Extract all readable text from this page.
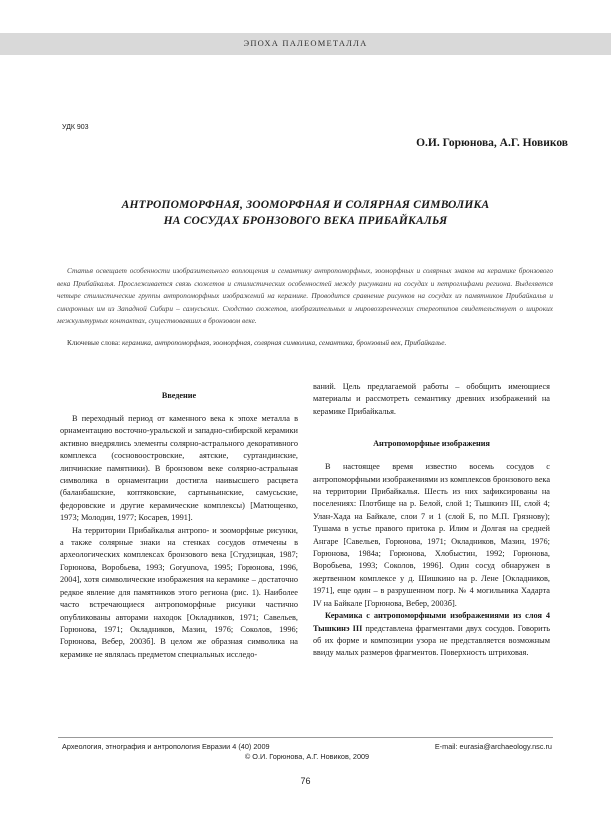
ЭПОХА ПАЛЕОМЕТАЛЛА
УДК 903
О.И. Горюнова, А.Г. Новиков
АНТРОПОМОРФНАЯ, ЗООМОРФНАЯ И СОЛЯРНАЯ СИМВОЛИКА
НА СОСУДАХ БРОНЗОВОГО ВЕКА ПРИБАЙКАЛЬЯ

Статья освещает особенности изобразительного воплощения и семантику антропоморфных, зооморфных и солярных знаков на керамике бронзового века Прибайкалья. Прослеживается связь сюжетов и стилистических особенностей между рисунками на сосудах и петроглифами региона. Выделяется четыре стилистические группы антропоморфных изображений на керамике. Проводится сравнение рисунков на сосудах из памятников Прибайкалья и синхронных им из Западной Сибири – самусьских. Сходство сюжетов, изобразительных и мировоззренческих стереотипов свидетельствует о широких межкультурных контактах, существовавших в бронзовом веке.

Ключевые слова: керамика, антропоморфная, зооморфная, солярная символика, семантика, бронзовый век, Прибайкалье.

Введение

В переходный период от каменного века к эпохе металла в орнаментацию восточно-уральской и западно-сибирской керамики активно внедрялись элементы солярно-астрального декоративного комплекса (сосновоостровские, аятские, суртандинские, липчинские памятники). В бронзовом веке солярно-астральная символика в орнаментации достигла наивысшего расцвета (баланбашские, коптяковские, сартыньинские, самусьские, федоровские и другие керамические комплексы) [Матющенко, 1973; Молодин, 1977; Косарев, 1991].

На территории Прибайкалья антропо- и зооморфные рисунки, а также солярные знаки на стенках сосудов отмечены в археологических комплексах бронзового века [Студзицкая, 1987; Горюнова, Воробьева, 1993; Goryunova, 1995; Горюнова, 1996, 2004], хотя символические изображения на керамике – достаточно редкое явление для памятников этого региона (рис. 1). Наиболее часто встречающиеся антропоморфные рисунки частично опубликованы авторами находок [Окладников, 1971; Савельев, Горюнова, 1971; Окладников, Мазин, 1976; Соколов, 1996; Горюнова, Вебер, 2003б]. В целом же образная символика на керамике не являлась предметом специальных исследо-

ваний. Цель предлагаемой работы – обобщить имеющиеся материалы и рассмотреть семантику древних изображений на керамике Прибайкалья.

Антропоморфные изображения

В настоящее время известно восемь сосудов с антропоморфными изображениями из комплексов бронзового века на территории Прибайкалья. Шесть из них зафиксированы на поселениях: Плотбище на р. Белой, слой 1; Тышкинэ III, слой 4; Улан-Хада на Байкале, слои 7 и 1 (слой Б, по М.П. Грязнову); Тушама в устье правого притока р. Илим и Долгая на средней Ангаре [Савельев, Горюнова, 1971; Окладников, Мазин, 1976; Горюнова, 1984а; Горюнова, Хлобыстин, 1992; Горюнова, Воробьева, 1993; Соколов, 1996]. Один сосуд обнаружен в жертвенном комплексе у д. Шишкино на р. Лене [Окладников, 1971], еще один – в разрушенном погр. № 4 могильника Хадарта IV на Байкале [Горюнова, Вебер, 2003б].

Керамика с антропоморфными изображениями из слоя 4 Тышкинэ III представлена фрагментами двух сосудов. Говорить об их форме и композиции узора не представляется возможным ввиду малых размеров фрагментов. Поверхность штриховая.

Археология, этнография и антропология Евразии 4 (40) 2009	E-mail: eurasia@archaeology.nsc.ru
© О.И. Горюнова, А.Г. Новиков, 2009
76
